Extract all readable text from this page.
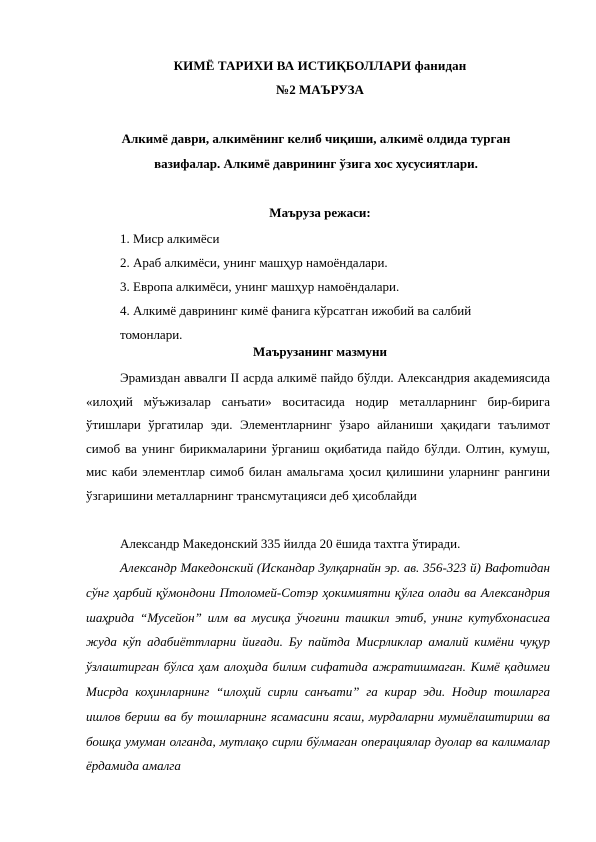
КИМЁ ТАРИХИ ВА ИСТИҚБОЛЛАРИ фанидан
№2 МАЪРУЗА
Алкимё даври, алкимёнинг келиб чиқиши, алкимё олдида турган
вазифалар. Алкимё даврининг ўзига хос хусусиятлари.
Маъруза режаси:
1. Миср алкимёси
2. Араб алкимёси, унинг машҳур намоёндалари.
3. Европа алкимёси, унинг машҳур намоёндалари.
4. Алкимё даврининг кимё фанига кўрсатган ижобий ва салбий
томонлари.
Маърузанинг мазмуни

Эрамиздан аввалги II асрда алкимё пайдо бўлди. Александрия академиясида «илоҳий мўъжизалар санъати» воситасида нодир металларнинг бир-бирига ўтишлари ўргатилар эди. Элементларнинг ўзаро айланиши ҳақидаги таълимот симоб ва унинг бирикмаларини ўрганиш оқибатида пайдо бўлди. Олтин, кумуш, мис каби элементлар симоб билан амальгама ҳосил қилишини уларнинг рангини ўзгаришини металларнинг трансмутацияси деб ҳисоблайди

Александр Македонский 335 йилда 20 ёшида тахтга ўтиради.

Александр Македонский (Искандар Зулқарнайн эр. ав. 356-323 й) Вафотидан сўнг ҳарбий қўмондони Птоломей-Сотэр ҳокимиятни қўлга олади ва Александрия шаҳрида “Мусейон” илм ва мусиқа ўчоғини ташкил этиб, унинг кутубхонасига жуда кўп адабиёттларни йиғади. Бу пайтда Мисрликлар амалий кимёни чуқур ўзлаштирган бўлса ҳам алоҳида билим сифатида ажратишмаган. Кимё қадимги Мисрда коҳинларнинг “илоҳий сирли санъати” га кирар эди. Нодир тошларга ишлов бериш ва бу тошларнинг ясамасини ясаш, мурдаларни мумиёлаштириш ва бошқа умуман олганда, мутлақо сирли бўлмаган операциялар дуолар ва калималар ёрдамида амалга
